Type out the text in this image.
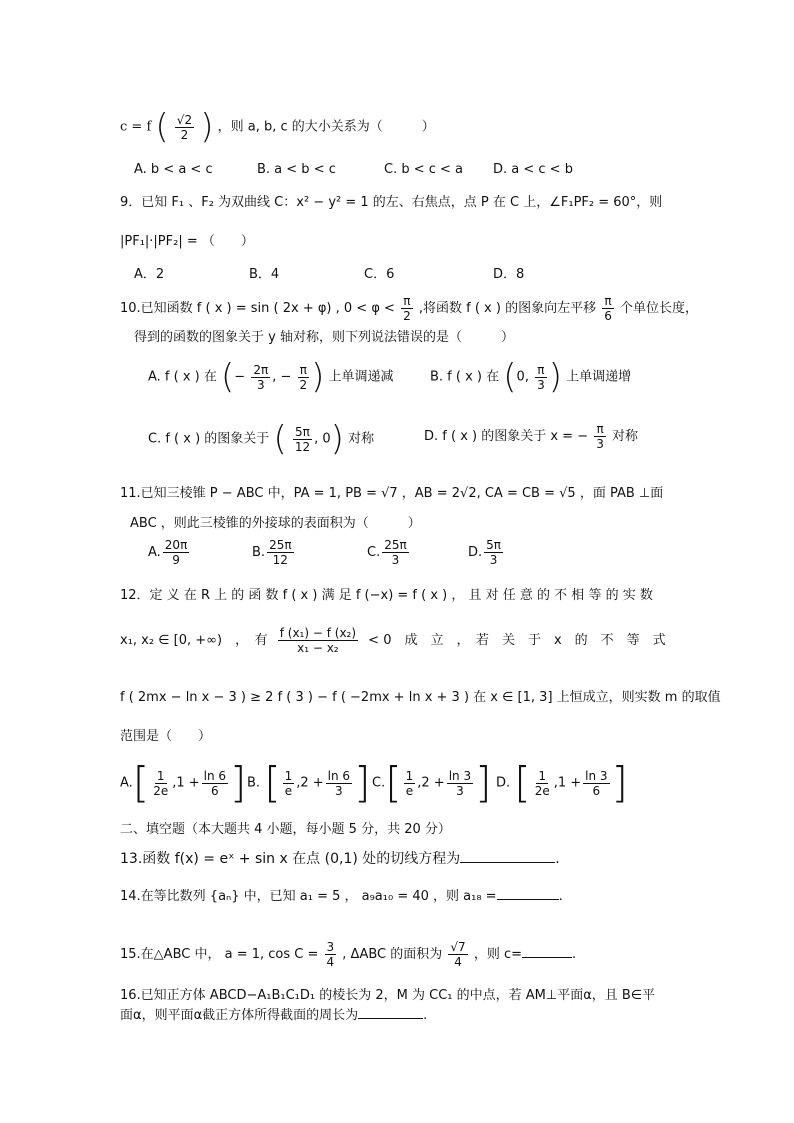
c = f ( $\frac{√2}{2}$ ) ，则 a, b, c 的大小关系为（　　　）
A. b < a < c	B. a < b < c	C. b < c < a D. a < c < b
9．已知 F₁ 、F₂ 为双曲线 C：x² − y² = 1 的左、右焦点，点 P 在 C 上，∠F₁PF₂ = 60°，则
|PF₁|·|PF₂| = （　　）
A．2	B．4	C．6	D．8
10.已知函数 f ( x ) = sin ( 2x + φ) , $0 < \varphi < \frac{\pi}{2}$ ,将函数 f ( x ) 的图象向左平移 $\frac{\pi}{6}$ 个单位长度，
得到的函数的图象关于 y 轴对称，则下列说法错误的是（　　　）
A. f ( x ) 在 (− $\frac{2\pi}{3}$ , − $\frac{\pi}{2}$ ) 上单调递减	B. f ( x ) 在 (0, $\frac{\pi}{3}$ ) 上单调递增
C. f ( x ) 的图象关于 ( $\frac{5\pi}{12}$ , 0) 对称	D. f ( x ) 的图象关于 x = − $\frac{\pi}{3}$ 对称
11.已知三棱锥 P − ABC 中，PA = 1, PB = √7 ，AB = 2√2, CA = CB = √5 ，面 PAB ⊥面
ABC ，则此三棱锥的外接球的表面积为（　　　）
A. $\frac{20\pi}{9}$	B. $\frac{25\pi}{12}$	C. $\frac{25\pi}{3}$	D. $\frac{5\pi}{3}$
12．定 义 在 R 上 的 函 数 f ( x ) 满 足 f (−x) = f ( x ) ， 且 对 任 意 的 不 相 等 的 实 数
x₁, x₂ ∈ [0, +∞)　，　有 $\frac{\text{f (x₁) − f (x₂)}}{\text{x₁ − x₂}} < 0$　成　立　，　若　关　于　x　的　不　等　式
f ( 2mx − ln x − 3 ) ≥ 2 f ( 3 ) − f ( −2mx + ln x + 3 ) 在 x ∈ [1, 3] 上恒成立，则实数 m 的取值
范围是（　　）
$A.[ \frac{1}{2e} ,1 + \frac{\ln 6}{6}$ ] B. [ $\frac{1}{e} ,2 + \frac{\ln 6}{3}$ ] $C.[ \frac{1}{e} ,2 + \frac{\ln 3}{3}$ ] D. [ $\frac{1}{2e} ,1 + \frac{\ln 3}{6}$ ]
二、填空题（本大题共 4 小题，每小题 5 分，共 20 分）
13.函数 f(x) = eˣ + sin x 在点 (0,1) 处的切线方程为	.
14.在等比数列 {aₙ} 中，已知 a₁ = 5 ， a₉a₁₀ = 40 ，则 a₁₈ =	.
15.在△ABC 中， a = 1, $\cos C = \frac{3}{4}$ , ΔABC 的面积为 $\frac{√7}{4}$ ，则 c=	.
16.已知正方体 ABCD−A₁B₁C₁D₁ 的棱长为 2，M 为 CC₁ 的中点，若 AM⊥平面α，且 B∈平
面α，则平面α截正方体所得截面的周长为	.
